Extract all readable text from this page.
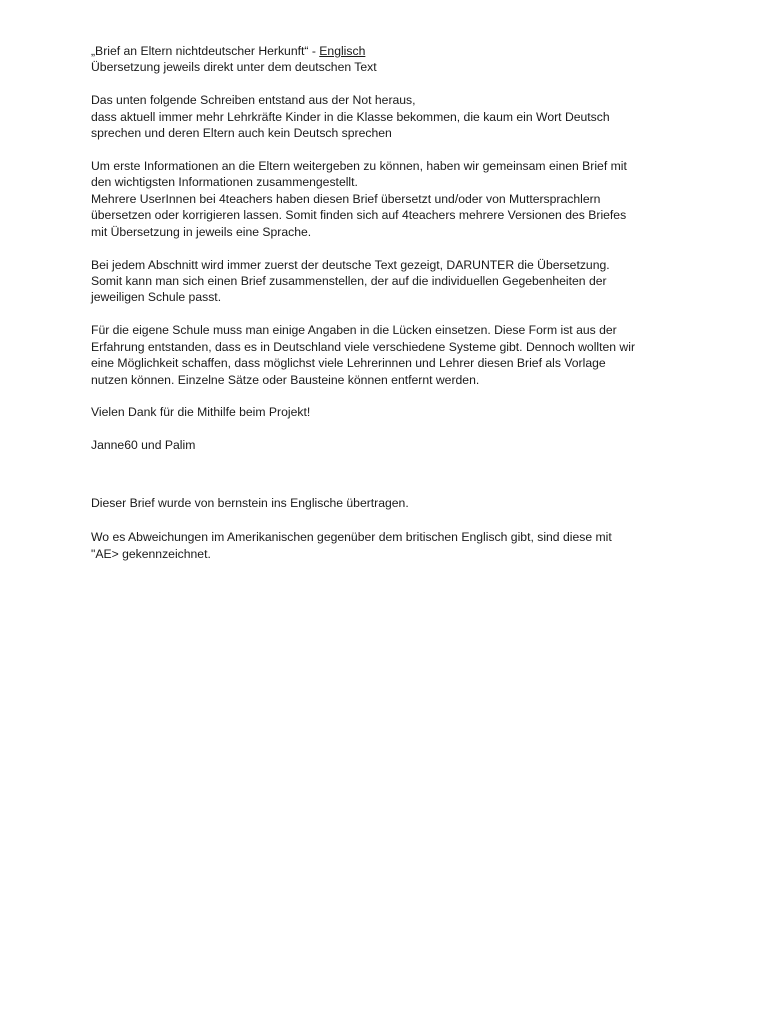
„Brief an Eltern nichtdeutscher Herkunft“ - Englisch
Übersetzung jeweils direkt unter dem deutschen Text
Das unten folgende Schreiben entstand aus der Not heraus,
dass aktuell immer mehr Lehrkräfte Kinder in die Klasse bekommen, die kaum ein Wort Deutsch
sprechen und deren Eltern auch kein Deutsch sprechen
Um erste Informationen an die Eltern weitergeben zu können, haben wir gemeinsam einen Brief mit
den wichtigsten Informationen zusammengestellt.
Mehrere UserInnen bei 4teachers haben diesen Brief übersetzt und/oder von Muttersprachlern
übersetzen oder korrigieren lassen. Somit finden sich auf 4teachers mehrere Versionen des Briefes
mit Übersetzung in jeweils eine Sprache.
Bei jedem Abschnitt wird immer zuerst der deutsche Text gezeigt, DARUNTER die Übersetzung.
Somit kann man sich einen Brief zusammenstellen, der auf die individuellen Gegebenheiten der
jeweiligen Schule passt.
Für die eigene Schule muss man einige Angaben in die Lücken einsetzen. Diese Form ist aus der
Erfahrung entstanden, dass es in Deutschland viele verschiedene Systeme gibt. Dennoch wollten wir
eine Möglichkeit schaffen, dass möglichst viele Lehrerinnen und Lehrer diesen Brief als Vorlage
nutzen können. Einzelne Sätze oder Bausteine können entfernt werden.
Vielen Dank für die Mithilfe beim Projekt!
Janne60 und Palim
Dieser Brief wurde von bernstein ins Englische übertragen.
Wo es Abweichungen im Amerikanischen gegenüber dem britischen Englisch gibt, sind diese mit
"AE> gekennzeichnet.
